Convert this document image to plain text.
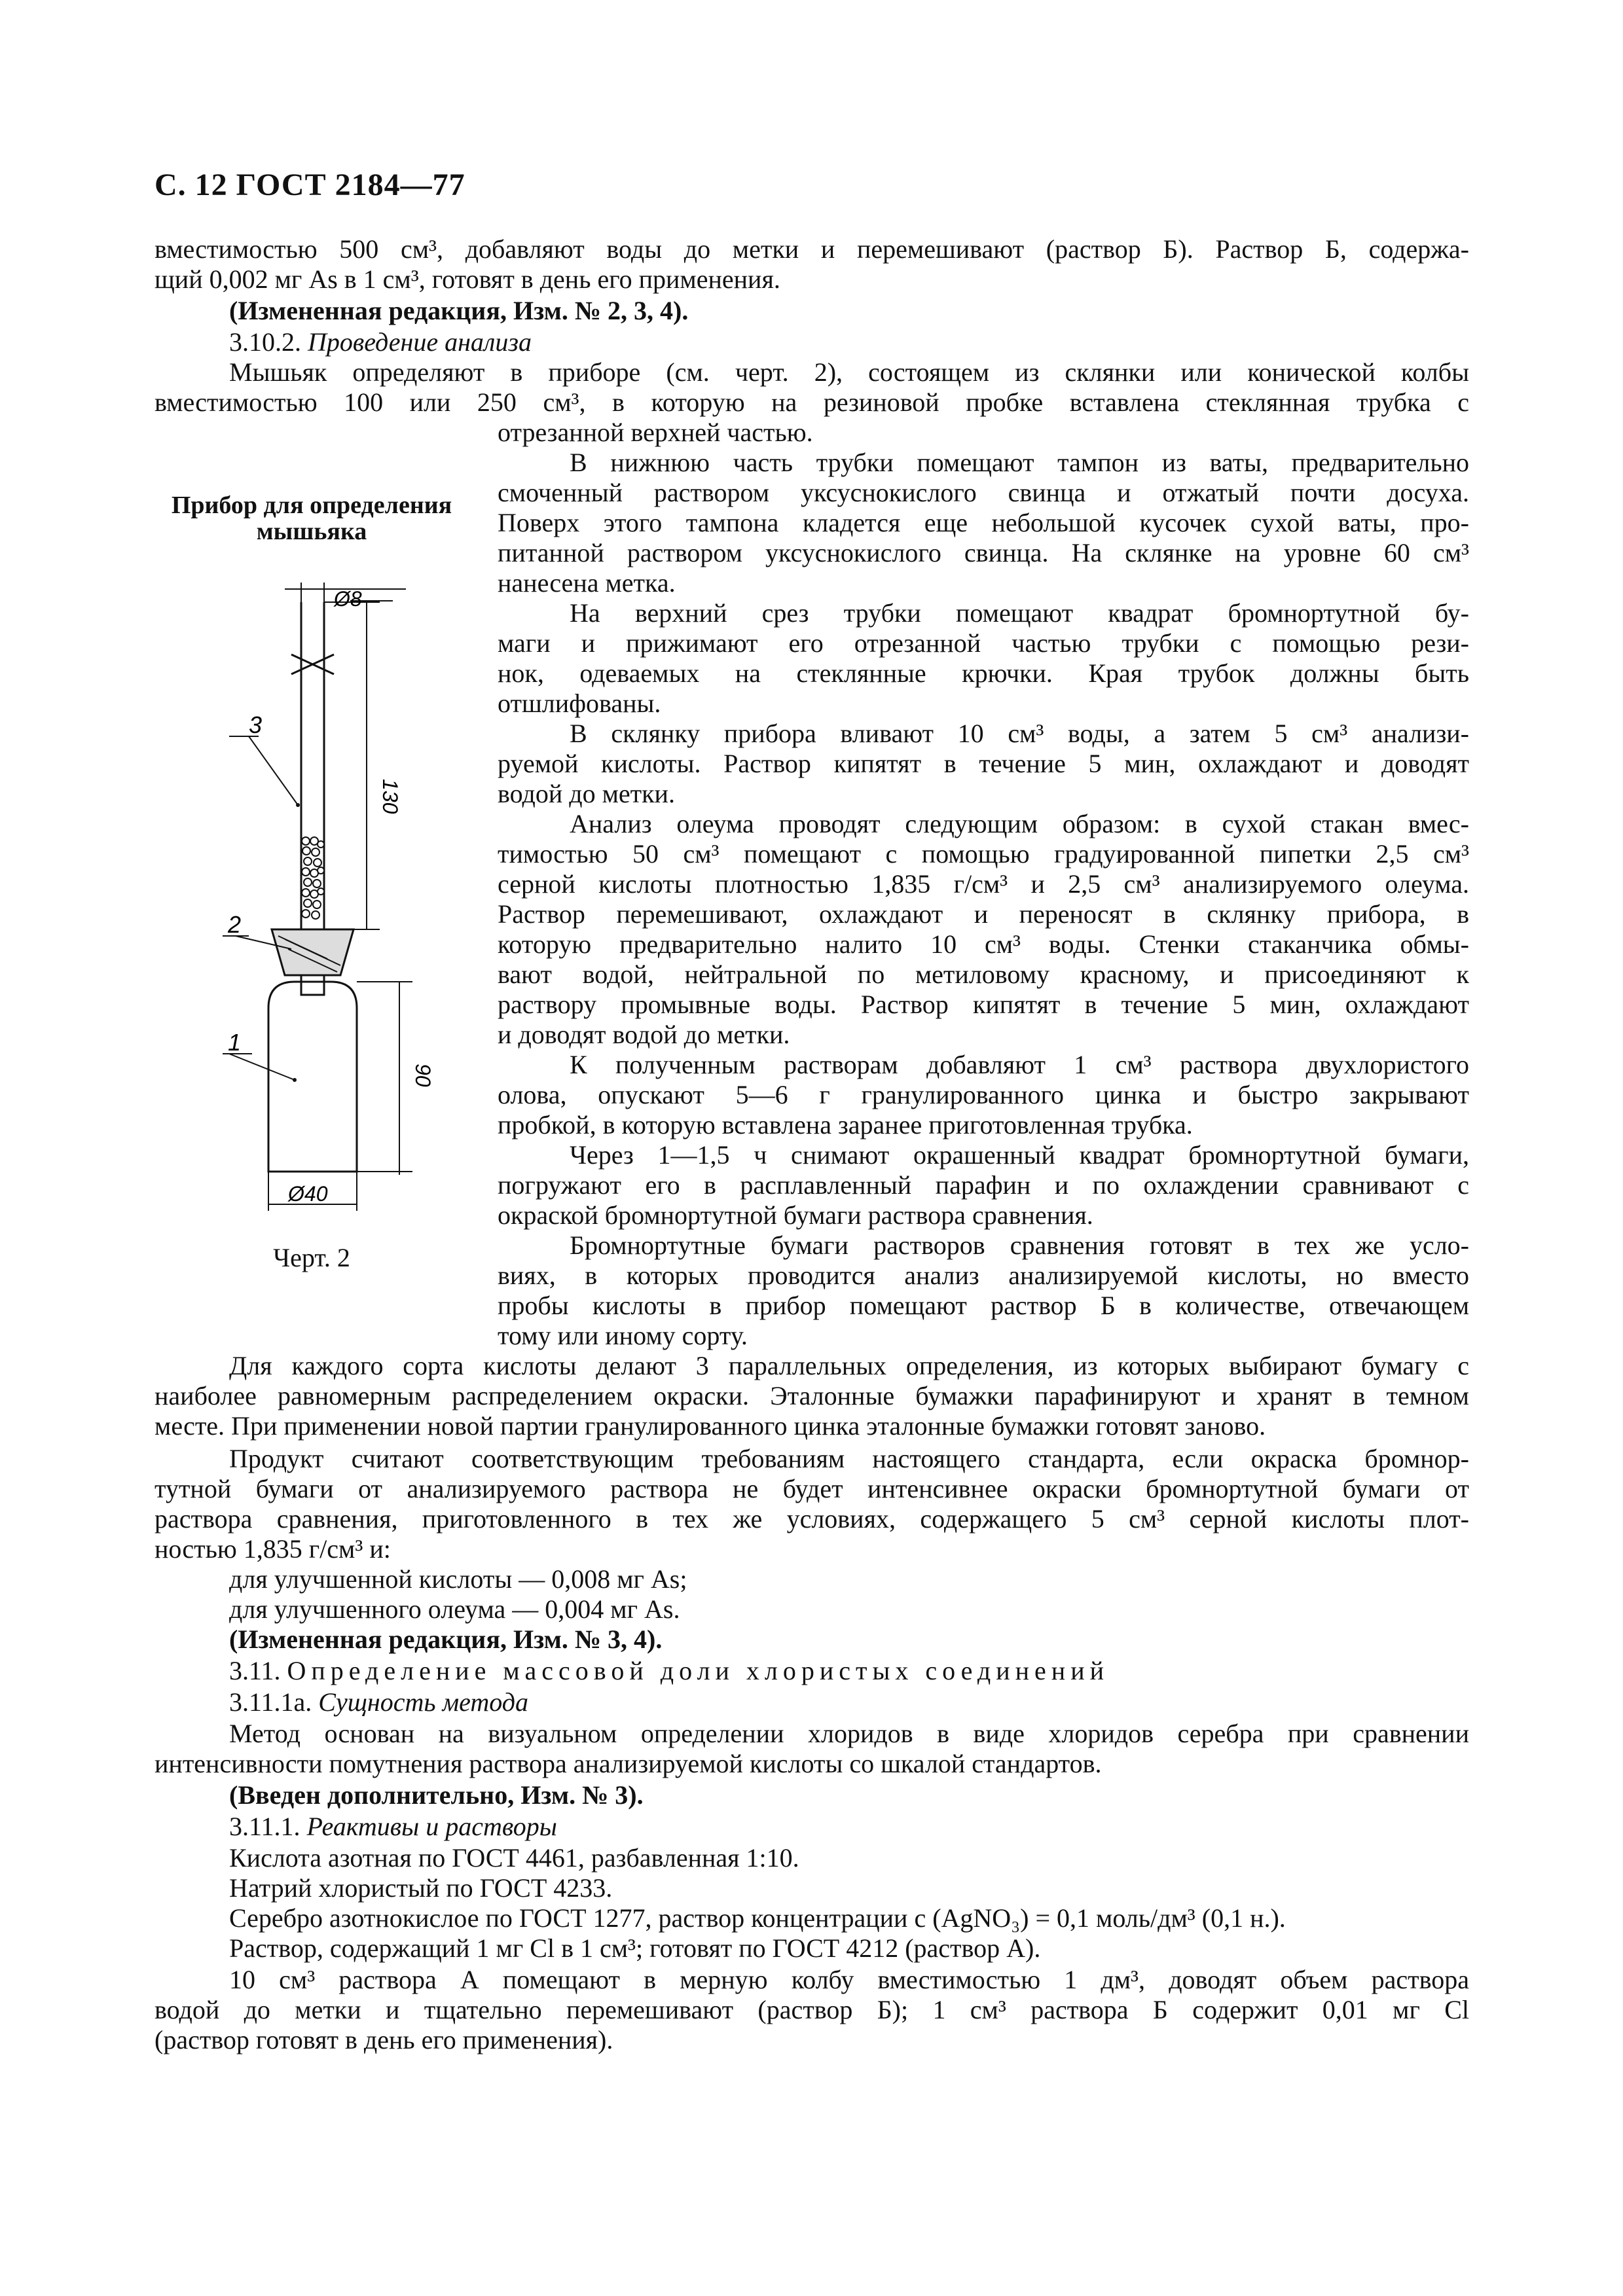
С. 12 ГОСТ 2184—77
вместимостью 500 см³, добавляют воды до метки и перемешивают (раствор Б). Раствор Б, содержа-
щий 0,002 мг As в 1 см³, готовят в день его применения.
(Измененная редакция, Изм. № 2, 3, 4).
3.10.2. Проведение анализа
Мышьяк определяют в приборе (см. черт. 2), состоящем из склянки или конической колбы
вместимостью 100 или 250 см³, в которую на резиновой пробке вставлена стеклянная трубка с
отрезанной верхней частью.
Прибор для определения
мышьяка
Ø8
130
90
Ø40
3
2
1
Черт. 2
В нижнюю часть трубки помещают тампон из ваты, предварительно
смоченный раствором уксуснокислого свинца и отжатый почти досуха.
Поверх этого тампона кладется еще небольшой кусочек сухой ваты, про-
питанной раствором уксуснокислого свинца. На склянке на уровне 60 см³
нанесена метка.
На верхний срез трубки помещают квадрат бромнортутной бу-
маги и прижимают его отрезанной частью трубки с помощью рези-
нок, одеваемых на стеклянные крючки. Края трубок должны быть
отшлифованы.
В склянку прибора вливают 10 см³ воды, а затем 5 см³ анализи-
руемой кислоты. Раствор кипятят в течение 5 мин, охлаждают и доводят
водой до метки.
Анализ олеума проводят следующим образом: в сухой стакан вмес-
тимостью 50 см³ помещают с помощью градуированной пипетки 2,5 см³
серной кислоты плотностью 1,835 г/см³ и 2,5 см³ анализируемого олеума.
Раствор перемешивают, охлаждают и переносят в склянку прибора, в
которую предварительно налито 10 см³ воды. Стенки стаканчика обмы-
вают водой, нейтральной по метиловому красному, и присоединяют к
раствору промывные воды. Раствор кипятят в течение 5 мин, охлаждают
и доводят водой до метки.
К полученным растворам добавляют 1 см³ раствора двухлористого
олова, опускают 5—6 г гранулированного цинка и быстро закрывают
пробкой, в которую вставлена заранее приготовленная трубка.
Через 1—1,5 ч снимают окрашенный квадрат бромнортутной бумаги,
погружают его в расплавленный парафин и по охлаждении сравнивают с
окраской бромнортутной бумаги раствора сравнения.
Бромнортутные бумаги растворов сравнения готовят в тех же усло-
виях, в которых проводится анализ анализируемой кислоты, но вместо
пробы кислоты в прибор помещают раствор Б в количестве, отвечающем
тому или иному сорту.
Для каждого сорта кислоты делают 3 параллельных определения, из которых выбирают бумагу с
наиболее равномерным распределением окраски. Эталонные бумажки парафинируют и хранят в темном
месте. При применении новой партии гранулированного цинка эталонные бумажки готовят заново.
Продукт считают соответствующим требованиям настоящего стандарта, если окраска бромнор-
тутной бумаги от анализируемого раствора не будет интенсивнее окраски бромнортутной бумаги от
раствора сравнения, приготовленного в тех же условиях, содержащего 5 см³ серной кислоты плот-
ностью 1,835 г/см³ и:
для улучшенной кислоты — 0,008 мг As;
для улучшенного олеума — 0,004 мг As.
(Измененная редакция, Изм. № 3, 4).
3.11. Определение массовой доли хлористых соединений
3.11.1а. Сущность метода
Метод основан на визуальном определении хлоридов в виде хлоридов серебра при сравнении
интенсивности помутнения раствора анализируемой кислоты со шкалой стандартов.
(Введен дополнительно, Изм. № 3).
3.11.1. Реактивы и растворы
Кислота азотная по ГОСТ 4461, разбавленная 1:10.
Натрий хлористый по ГОСТ 4233.
Серебро азотнокислое по ГОСТ 1277, раствор концентрации c (AgNO₃) = 0,1 моль/дм³ (0,1 н.).
Раствор, содержащий 1 мг Cl в 1 см³; готовят по ГОСТ 4212 (раствор А).
10 см³ раствора А помещают в мерную колбу вместимостью 1 дм³, доводят объем раствора
водой до метки и тщательно перемешивают (раствор Б); 1 см³ раствора Б содержит 0,01 мг Cl
(раствор готовят в день его применения).
